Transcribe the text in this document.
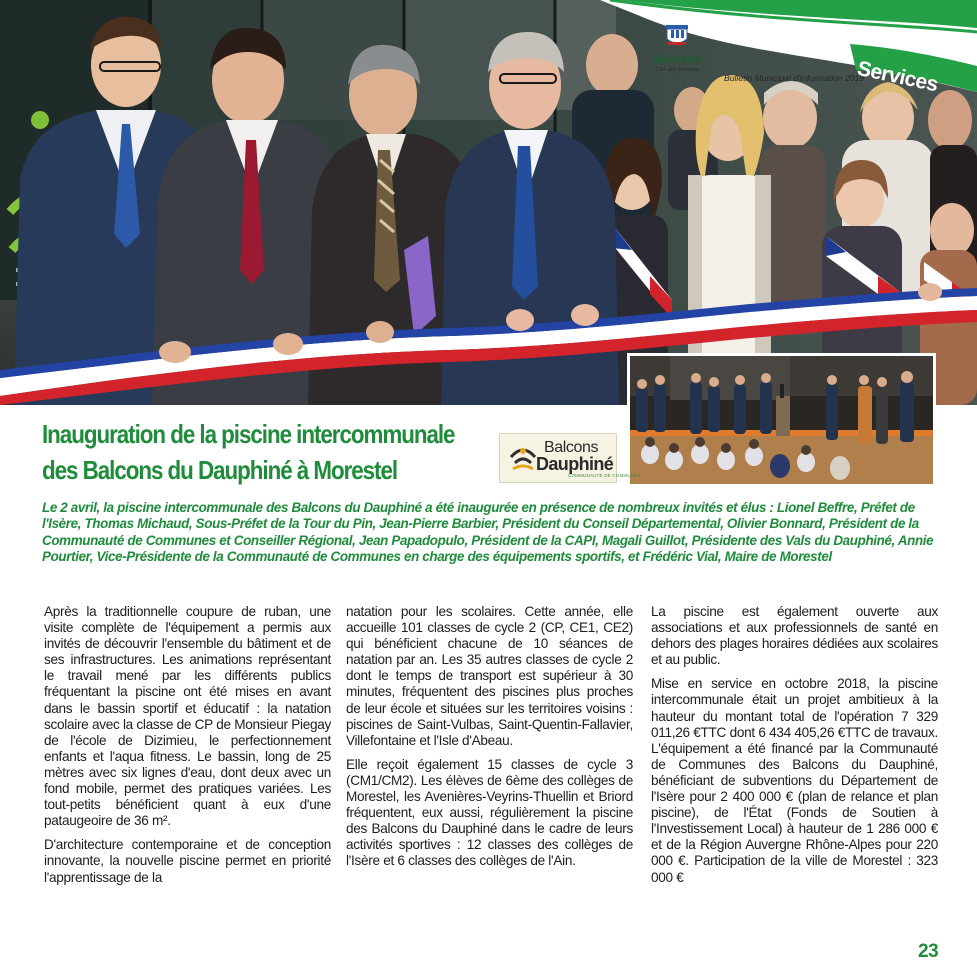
Morestel
Cité des peintres
Bulletin Municipal d'Information 2019
Services
Inauguration de la piscine intercommunale
des Balcons du Dauphiné à Morestel
Balcons
Dauphiné
COMMUNAUTÉ DE COMMUNES

Le 2 avril, la piscine intercommunale des Balcons du Dauphiné a été inaugurée en présence de nombreux invités et élus : Lionel Beffre, Préfet de l'Isère, Thomas Michaud, Sous-Préfet de la Tour du Pin, Jean-Pierre Barbier, Président du Conseil Départemental, Olivier Bonnard, Président de la Communauté de Communes et Conseiller Régional, Jean Papadopulo, Président de la CAPI, Magali Guillot, Présidente des Vals du Dauphiné, Annie Pourtier, Vice-Présidente de la Communauté de Communes en charge des équipements sportifs, et Frédéric Vial, Maire de Morestel

Après la traditionnelle coupure de ruban, une visite complète de l'équipement a permis aux invités de découvrir l'ensemble du bâtiment et de ses infrastructures. Les animations représentant le travail mené par les différents publics fréquentant la piscine ont été mises en avant dans le bassin sportif et éducatif : la natation scolaire avec la classe de CP de Monsieur Piegay de l'école de Dizimieu, le perfectionnement enfants et l'aqua fitness. Le bassin, long de 25 mètres avec six lignes d'eau, dont deux avec un fond mobile, permet des pratiques variées. Les tout-petits bénéficient quant à eux d'une pataugeoire de 36 m².

D'architecture contemporaine et de conception innovante, la nouvelle piscine permet en priorité l'apprentissage de la

natation pour les scolaires. Cette année, elle accueille 101 classes de cycle 2 (CP, CE1, CE2) qui bénéficient chacune de 10 séances de natation par an. Les 35 autres classes de cycle 2 dont le temps de transport est supérieur à 30 minutes, fréquentent des piscines plus proches de leur école et situées sur les territoires voisins : piscines de Saint-Vulbas, Saint-Quentin-Fallavier, Villefontaine et l'Isle d'Abeau.

Elle reçoit également 15 classes de cycle 3 (CM1/CM2). Les élèves de 6ème des collèges de Morestel, les Avenières-Veyrins-Thuellin et Briord fréquentent, eux aussi, régulièrement la piscine des Balcons du Dauphiné dans le cadre de leurs activités sportives : 12 classes des collèges de l'Isère et 6 classes des collèges de l'Ain.

La piscine est également ouverte aux associations et aux professionnels de santé en dehors des plages horaires dédiées aux scolaires et au public.

Mise en service en octobre 2018, la piscine intercommunale était un projet ambitieux à la hauteur du montant total de l'opération 7 329 011,26 €TTC dont 6 434 405,26 €TTC de travaux. L'équipement a été financé par la Communauté de Communes des Balcons du Dauphiné, bénéficiant de subventions du Département de l'Isère pour 2 400 000 € (plan de relance et plan piscine), de l'État (Fonds de Soutien à l'Investissement Local) à hauteur de 1 286 000 € et de la Région Auvergne Rhône-Alpes pour 220 000 €. Participation de la ville de Morestel : 323 000 €

23
